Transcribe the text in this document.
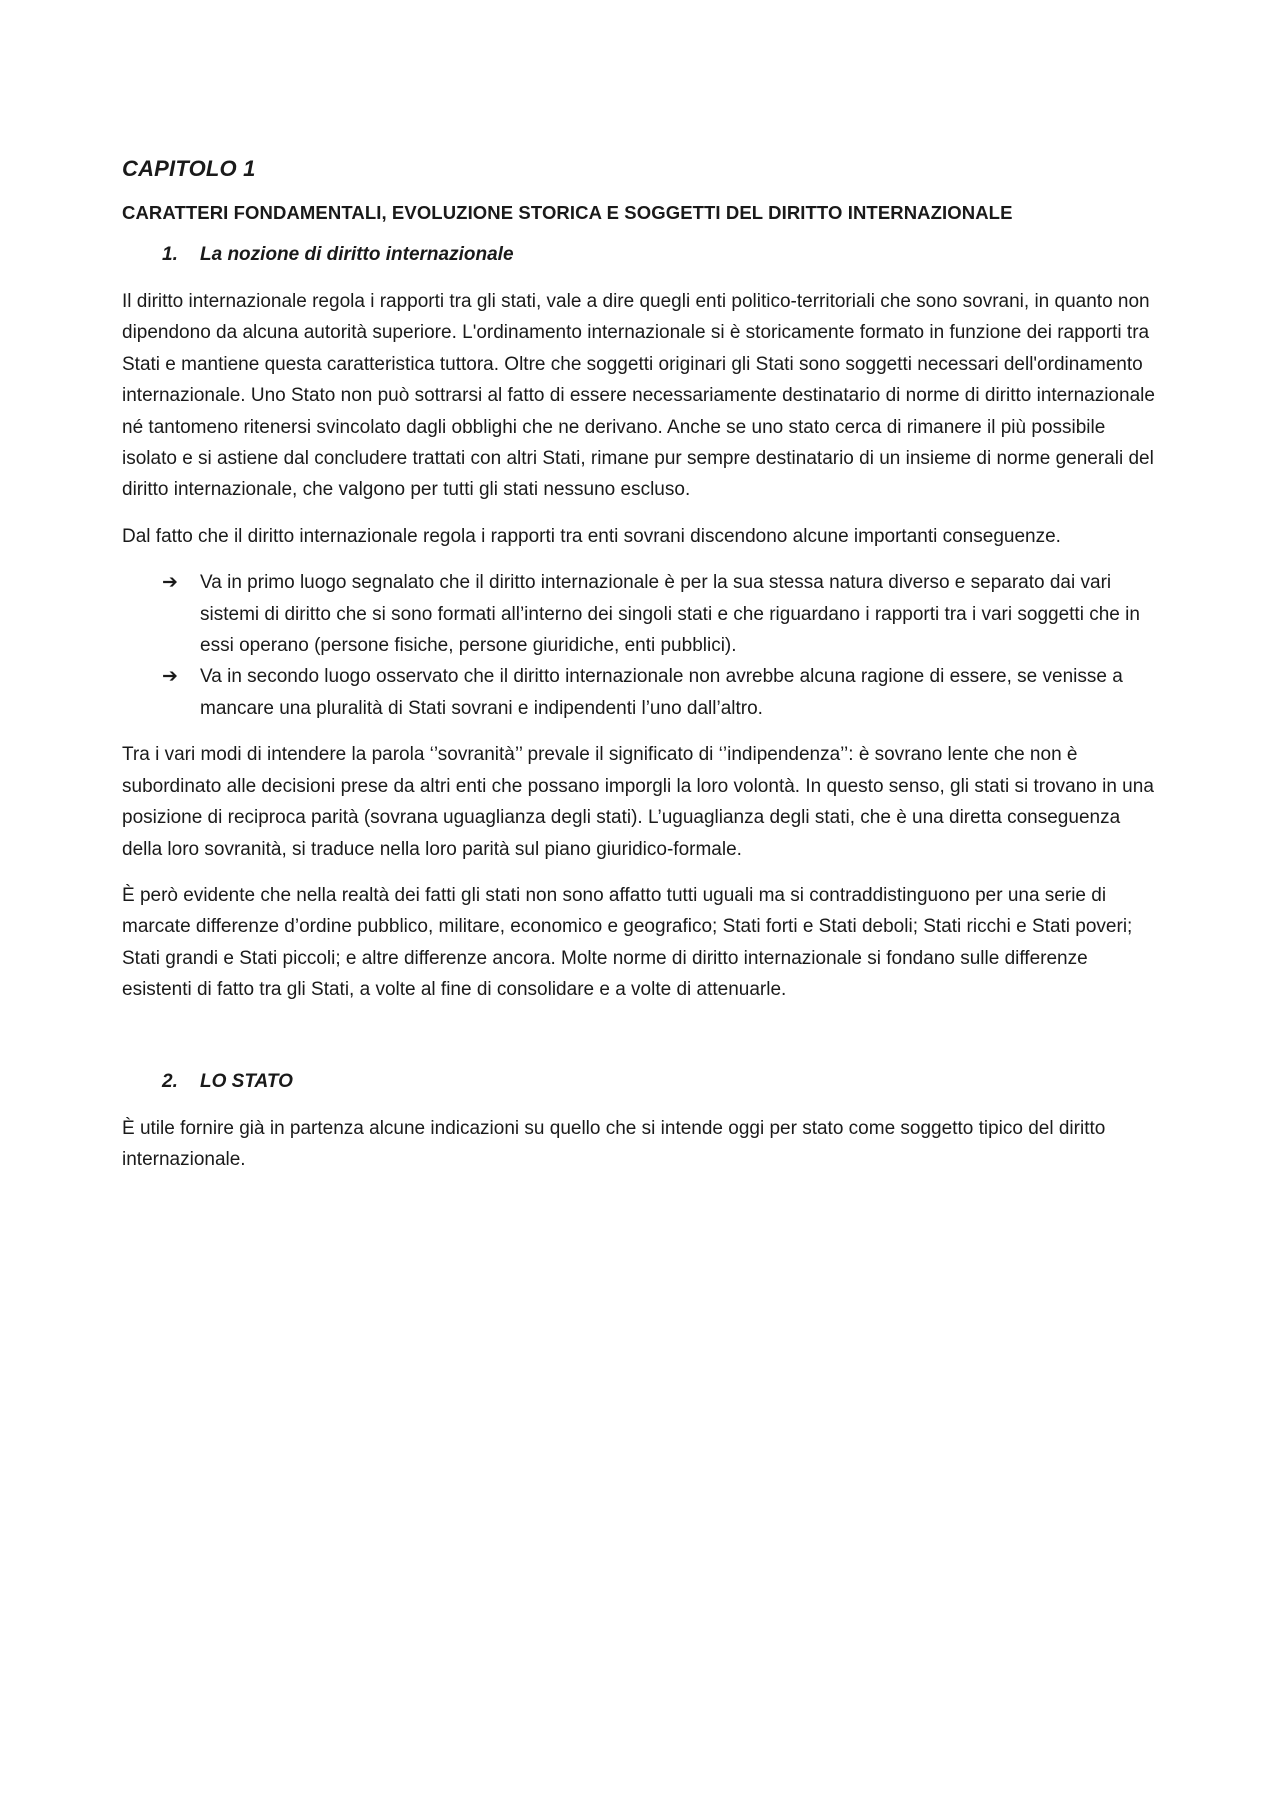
CAPITOLO 1
CARATTERI FONDAMENTALI, EVOLUZIONE STORICA E SOGGETTI DEL DIRITTO INTERNAZIONALE
1.	La nozione di diritto internazionale

Il diritto internazionale regola i rapporti tra gli stati, vale a dire quegli enti politico-territoriali che sono sovrani, in quanto non dipendono da alcuna autorità superiore. L'ordinamento internazionale si è storicamente formato in funzione dei rapporti tra Stati e mantiene questa caratteristica tuttora. Oltre che soggetti originari gli Stati sono soggetti necessari dell'ordinamento internazionale. Uno Stato non può sottrarsi al fatto di essere necessariamente destinatario di norme di diritto internazionale né tantomeno ritenersi svincolato dagli obblighi che ne derivano. Anche se uno stato cerca di rimanere il più possibile isolato e si astiene dal concludere trattati con altri Stati, rimane pur sempre destinatario di un insieme di norme generali del diritto internazionale, che valgono per tutti gli stati nessuno escluso.

Dal fatto che il diritto internazionale regola i rapporti tra enti sovrani discendono alcune importanti conseguenze.

➔	Va in primo luogo segnalato che il diritto internazionale è per la sua stessa natura diverso e separato dai vari sistemi di diritto che si sono formati all’interno dei singoli stati e che riguardano i rapporti tra i vari soggetti che in essi operano (persone fisiche, persone giuridiche, enti pubblici).
➔	Va in secondo luogo osservato che il diritto internazionale non avrebbe alcuna ragione di essere, se venisse a mancare una pluralità di Stati sovrani e indipendenti l’uno dall’altro.

Tra i vari modi di intendere la parola ‘’sovranità’’ prevale il significato di ‘’indipendenza’’: è sovrano lente che non è subordinato alle decisioni prese da altri enti che possano imporgli la loro volontà. In questo senso, gli stati si trovano in una posizione di reciproca parità (sovrana uguaglianza degli stati). L’uguaglianza degli stati, che è una diretta conseguenza della loro sovranità, si traduce nella loro parità sul piano giuridico-formale.

È però evidente che nella realtà dei fatti gli stati non sono affatto tutti uguali ma si contraddistinguono per una serie di marcate differenze d’ordine pubblico, militare, economico e geografico; Stati forti e Stati deboli; Stati ricchi e Stati poveri; Stati grandi e Stati piccoli; e altre differenze ancora. Molte norme di diritto internazionale si fondano sulle differenze esistenti di fatto tra gli Stati, a volte al fine di consolidare e a volte di attenuarle.

2.	LO STATO

È utile fornire già in partenza alcune indicazioni su quello che si intende oggi per stato come soggetto tipico del diritto internazionale.
